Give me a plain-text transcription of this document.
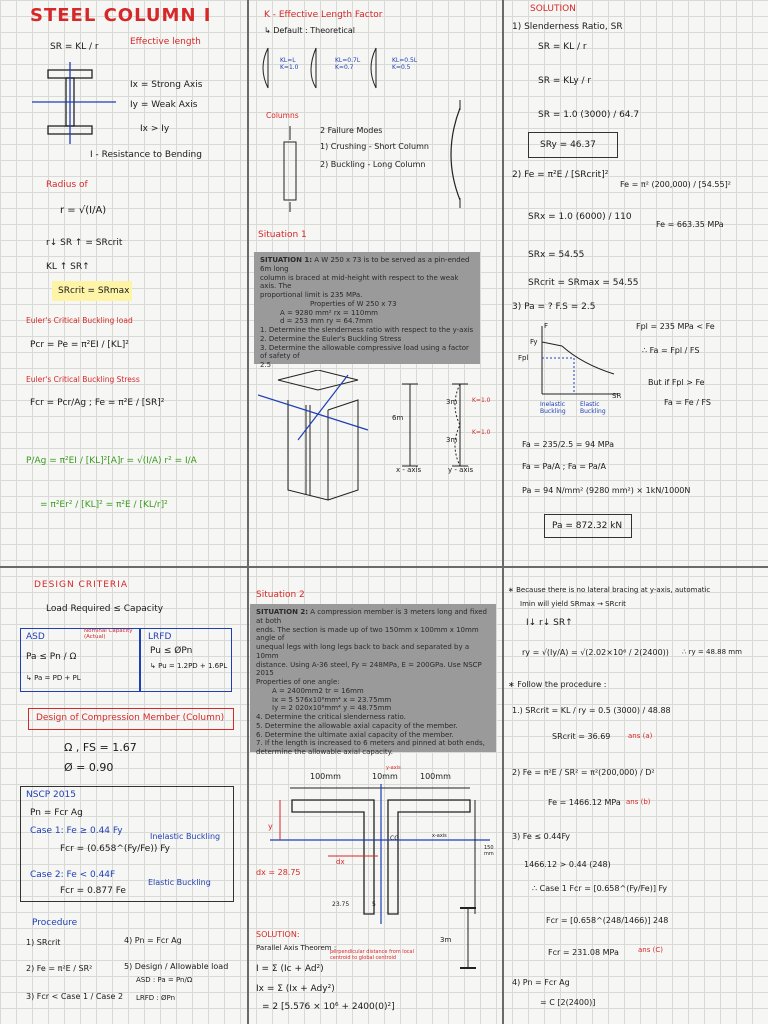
STEEL COLUMN I
SR = KL / r	Effective length
Ix = Strong Axis
Iy = Weak Axis
Ix > Iy
I - Resistance to Bending
Radius of
r = √(I/A)
r↓ SR ↑ = SRcrit
KL ↑ SR↑
SRcrit = SRmax
Euler's Critical Buckling load
Pcr = Pe = π²EI / [KL]²
Euler's Critical Buckling Stress
Fcr = Pcr/Ag ; Fe = π²E / [SR]²
P/Ag = π²EI / [KL]²[A] r = √(I/A) r² = I/A
= π²Er² / [KL]² = π²E / [KL/r]²
K - Effective Length Factor
↳ Default : Theoretical
KL=L K=1.0
KL=0.7L K=0.7
KL=0.5L K=0.5
Columns
2 Failure Modes
1) Crushing - Short Column
2) Buckling - Long Column
Situation 1

SITUATION 1: A W 250 x 73 is to be served as a pin-ended 6m long

column is braced at mid-height with respect to the weak axis. The

proportional limit is 235 MPa.

Properties of W 250 x 73

A = 9280 mm² rx = 110mm

d = 253 mm ry = 64.7mm

1. Determine the slenderness ratio with respect to the y-axis

2. Determine the Euler's Buckling Stress

3. Determine the allowable compressive load using a factor of safety of

2.5

6m
x - axis	y - axis
3m
3m
K=1.0
K=1.0
SOLUTION
1) Slenderness Ratio, SR
SR = KL / r
SR = KLy / r
SR = 1.0 (3000) / 64.7
SRy = 46.37
2) Fe = π²E / [SRcrit]²
Fe = π² (200,000) / [54.55]²
SRx = 1.0 (6000) / 110
Fe = 663.35 MPa
SRx = 54.55
SRcrit = SRmax = 54.55
3) Pa = ? F.S = 2.5
F
Fy
Fpl
SR
Inelastic Buckling
Elastic Buckling
Fpl = 235 MPa < Fe
∴ Fa = Fpl / FS
But if Fpl > Fe
Fa = Fe / FS
Fa = 235/2.5 = 94 MPa
Fa = Pa/A ; Fa = Pa/A
Pa = 94 N/mm² (9280 mm²) × 1kN/1000N
Pa = 872.32 kN
DESIGN CRITERIA
Load Required ≤ Capacity
ASD	LRFD
Nominal Capacity (Actual)
Pa ≤ Pn / Ω
↳ Pa = PD + PL
Pu ≤ ØPn
↳ Pu = 1.2PD + 1.6PL
Design of Compression Member (Column)
Ω , FS = 1.67
Ø = 0.90
NSCP 2015
Pn = Fcr Ag
Case 1: Fe ≥ 0.44 Fy
Fcr = (0.658^(Fy/Fe)) Fy
Inelastic Buckling
Case 2: Fe < 0.44F
Fcr = 0.877 Fe
Elastic Buckling
Procedure
1) SRcrit
2) Fe = π²E / SR²
3) Fcr < Case 1 / Case 2
4) Pn = Fcr Ag
5) Design / Allowable load
ASD : Pa = Pn/Ω
LRFD : ØPn
Situation 2

SITUATION 2: A compression member is 3 meters long and fixed at both

ends. The section is made up of two 150mm x 100mm x 10mm angle of

unequal legs with long legs back to back and separated by a 10mm

distance. Using A-36 steel, Fy = 248MPa, E = 200GPa. Use NSCP 2015

Properties of one angle:

A = 2400mm2 tr = 16mm

Ix = 5 576x10⁶mm⁴ x = 23.75mm

Iy = 2 020x10⁶mm⁴ y = 48.75mm

4. Determine the critical slenderness ratio.

5. Determine the allowable axial capacity of the member.

6. Determine the ultimate axial capacity of the member.

7. If the length is increased to 6 meters and pinned at both ends,

determine the allowable axial capacity.

100mm	10mm	100mm
y-axis
y
x-axis
CG
150 mm
dx
dx = 28.75
23.75	5
SOLUTION:
Parallel Axis Theorem :
perpendicular distance from local centroid to global centroid
I = Σ (Ic + Ad²)
Ix = Σ (Ix + Ady²)
= 2 [5.576 × 10⁶ + 2400(0)²]
3m
∗ Because there is no lateral bracing at y-axis, automatic
Imin will yield SRmax → SRcrit
I↓ r↓ SR↑
ry = √(Iy/A) = √(2.02×10⁶ / 2(2400)) ∴ ry = 48.88 mm
∗ Follow the procedure :
1.) SRcrit = KL / ry = 0.5 (3000) / 48.88
SRcrit = 36.69	ans (a)
2) Fe = π²E / SR² = π²(200,000) / D²
Fe = 1466.12 MPa ans (b)
3) Fe ≤ 0.44Fy
1466.12 > 0.44 (248)
∴ Case 1 Fcr = [0.658^(Fy/Fe)] Fy
Fcr = [0.658^(248/1466)] 248
Fcr = 231.08 MPa	ans (C)
4) Pn = Fcr Ag
= C [2(2400)]
